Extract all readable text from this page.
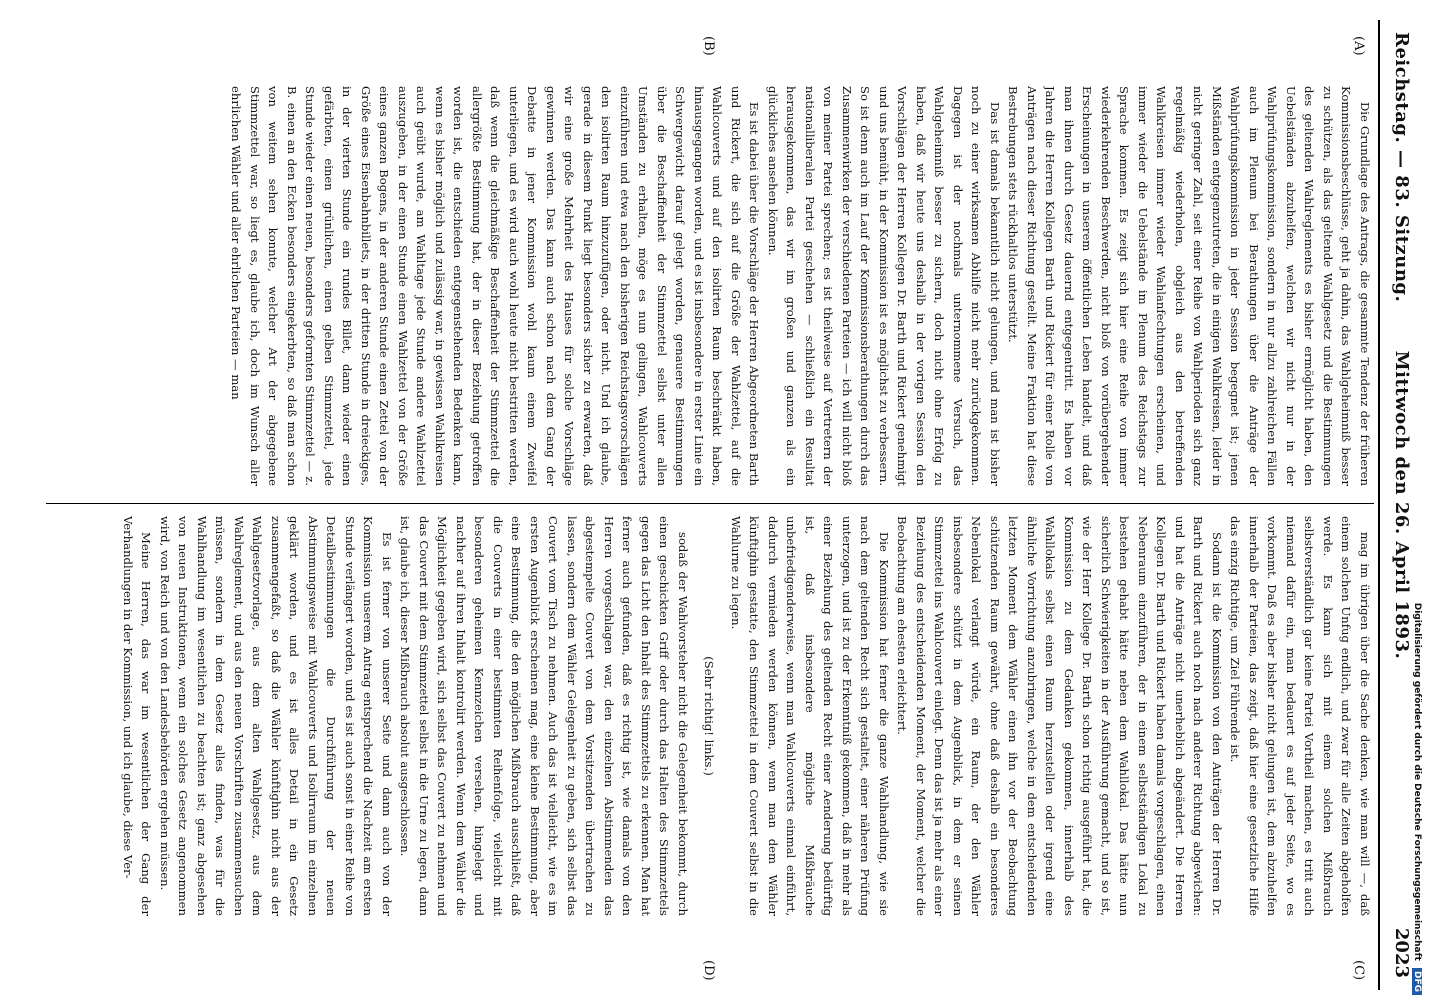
Reichstag. — 83. Sitzung.
Mittwoch den 26. April 1893.
2023
(A)
(B)
(C)
(D)

Die Grundlage des Antrags, die gesammte Tendenz der früheren Kommissionsbeschlüsse, geht ja dahin, das Wahlgeheimniß besser zu schützen, als das geltende Wahlgesetz und die Bestimmungen des geltenden Wahlreglements es bisher ermöglicht haben, den Uebelständen abzuhelfen, welchen wir nicht nur in der Wahlprüfungskommission, sondern in nur allzu zahlreichen Fällen auch im Plenum bei Berathungen über die Anträge der Wahlprüfungskommission in jeder Session begegnet ist; jenen Mißständen entgegenzutreten, die in einigen Wahlkreisen, leider in nicht geringer Zahl, seit einer Reihe von Wahlperioden sich ganz regelmäßig wiederholen, obgleich aus den betreffenden Wahlkreisen immer wieder Wahlanfechtungen erscheinen, und immer wieder die Uebelstände im Plenum des Reichstags zur Sprache kommen. Es zeigt sich hier eine Reihe von immer wiederkehrenden Beschwerden, nicht bloß von vorübergehender Erscheinungen in unserem öffentlichen Leben handelt, und daß man ihnen durch Gesetz dauernd entgegentritt. Es haben vor Jahren die Herren Kollegen Barth und Rickert für einer Rolle von Anträgen nach dieser Richtung gestellt. Meine Fraktion hat diese Bestrebungen stets rückhaltlos unterstützt.

Das ist damals bekanntlich nicht gelungen, und man ist bisher noch zu einer wirksamen Abhilfe nicht mehr zurückgekommen. Dagegen ist der nochmals unternommene Versuch, das Wahlgeheimniß besser zu sichern, doch nicht ohne Erfolg zu haben, daß wir heute uns deshalb in der vorigen Session den Vorschlägen der Herren Kollegen Dr. Barth und Rickert genehmigt und uns bemüht, in der Kommission ist es möglichst zu verbessern. So ist denn auch im Lauf der Kommissionsberathungen durch das Zusammenwirken der verschiedenen Parteien — ich will nicht bloß von meiner Partei sprechen; es ist theilweise auf Vertretern der nationalliberalen Partei geschehen — schließlich ein Resultat herausgekommen, das wir im großen und ganzen als ein glückliches ansehen können.

Es ist dabei über die Vorschläge der Herren Abgeordneten Barth und Rickert, die sich auf die Größe der Wahlzettel, auf die Wahlcouverts und auf den isolirten Raum beschränkt haben, hinausgegangen worden, und es ist insbesondere in erster Linie ein Schwergewicht darauf gelegt worden, genauere Bestimmungen über die Beschaffenheit der Stimmzettel selbst unter allen Umständen zu erhalten, möge es nun gelingen, Wahlcouverts einzuführen und etwa nach den bisherigen Reichstagsvorschlägen den isolirten Raum hinzuzufügen, oder nicht. Und ich glaube, gerade in diesem Punkt liegt besonders sicher zu erwarten, daß wir eine große Mehrheit des Hauses für solche Vorschläge gewinnen werden. Das kann auch schon nach dem Gang der Debatte in jener Kommission wohl kaum einem Zweifel unterliegen, und es wird auch wohl heute nicht bestritten werden, daß wenn die gleichmäßige Beschaffenheit der Stimmzettel die allergrößte Bestimmung hat, der in dieser Beziehung getroffen worden ist, die entschieden entgegenstehenden Bedenken kann, wenn es bisher möglich und zulässig war, in gewissen Wahlkreisen auch geübt wurde, am Wahltage jede Stunde andere Wahlzettel auszugeben, in der einen Stunde einen Wahlzettel von der Größe eines ganzen Bogens, in der anderen Stunde einen Zettel von der Größe eines Eisenbahnbillets, in der dritten Stunde in dreieckiges, in der vierten Stunde ein rundes Billet, dann wieder einen gefärbten, einen grünlichen, einen gelben Stimmzettel, jede Stunde wieder einen neuen, besonders geformten Stimmzettel — z. B. einen an den Ecken besonders eingekerbten, so daß man schon von weitem sehen konnte, welcher Art der abgegebene Stimmzettel war, so liegt es, glaube ich, doch im Wunsch aller ehrlichen Wähler und aller ehrlichen Parteien — man

mag im übrigen über die Sache denken, wie man will —, daß einem solchen Unfug endlich, und zwar für alle Zeiten abgeholfen werde. Es kann sich mit einem solchen Mißbrauch selbstverständlich gar keine Partei Vortheil machen, es tritt auch niemand dafür ein, man bedauert es auf jeder Seite, wo es vorkommt. Daß es aber bisher nicht gelungen ist, dem abzuhelfen innerhalb der Parteien, das zeigt, daß hier eine gesetzliche Hilfe das einzig Richtige, um Ziel Führende ist.

Sodann ist die Kommission von den Anträgen der Herren Dr. Barth und Rickert auch noch nach anderer Richtung abgewichen: und hat die Anträge nicht unerheblich abgeändert. Die Herren Kollegen Dr. Barth und Rickert haben damals vorgeschlagen, einen Nebenraum einzuführen, der in einem selbstständigen Lokal zu bestehen gehabt hätte neben dem Wahllokal. Das hätte nun sicherlich Schwierigkeiten in der Ausführung gemacht, und so ist, wie der Herr Kollege Dr. Barth schon richtig ausgeführt hat, die Kommission zu dem Gedanken gekommen, innerhalb des Wahllokals selbst einen Raum herzustellen oder irgend eine ähnliche Vorrichtung anzubringen, welche in dem entscheidenden letzten Moment dem Wähler einen ihn vor der Beobachtung schützenden Raum gewährt, ohne daß deshalb ein besonderes Nebenlokal verlangt würde, ein Raum, der den Wähler insbesondere schützt in dem Augenblick, in dem er seinen Stimmzettel ins Wahlcouvert einlegt. Denn das ist ja mehr als einer Beziehung des entscheidenden Moment, der Moment, welcher die Beobachtung am ehesten erleichtert.

Die Kommission hat ferner die ganze Wahlhandlung, wie sie nach dem geltenden Recht sich gestaltet, einer näheren Prüfung unterzogen, und ist zu der Erkenntniß gekommen, daß in mehr als einer Beziehung des geltenden Recht einer Aenderung bedürftig ist, daß insbesondere mögliche Mißbräuche unbefriedigenderweise, wenn man Wahlcouverts einmal einführt, dadurch vermieden werden können, wenn man dem Wähler künftighin gestatte, den Stimmzettel in dem Couvert selbst in die Wahlurne zu legen.

(Sehr richtig! links.)

sodaß der Wahlvorsteher nicht die Gelegenheit bekommt, durch einen geschickten Griff oder durch das Halten des Stimmzettels gegen das Licht den Inhalt des Stimmzettels zu erkennen. Man hat ferner auch gefunden, daß es richtig ist, wie damals von den Herren vorgeschlagen war, den einzelnen Abstimmenden das abgestempelte Couvert von dem Vorsitzenden übertrachen zu lassen, sondern dem Wähler Gelegenheit zu geben, sich selbst das Couvert vom Tisch zu nehmen. Auch das ist vielleicht, wie es im ersten Augenblick erscheinen mag, eine kleine Bestimmung, aber eine Bestimmung, die den möglichen Mißbrauch ausschließt, daß die Couverts in einer bestimmten Reihenfolge, vielleicht mit besonderen geheimen Kennzeichen versehen, hingelegt und nachher auf ihren Inhalt kontrolirt werden. Wenn dem Wähler die Möglichkeit gegeben wird, sich selbst das Couvert zu nehmen und das Couvert mit dem Stimmzettel selbst in die Urne zu legen, dann ist, glaube ich, dieser Mißbrauch absolut ausgeschlossen.

Es ist ferner von unserer Seite und dann auch von der Kommission unserem Antrag entsprechend die Nachzeit am ersten Stunde verlängert worden, und es ist auch sonst in einer Reihe von Detailbestimmungen die Durchführung der neuen Abstimmungsweise mit Wahlcouverts und Isolirraum im einzelnen geklärt worden, und es ist alles Detail in ein Gesetz zusammengefaßt, so daß die Wähler künftighin nicht aus der Wahlgesetzvorlage, aus dem alten Wahlgesetz, aus dem Wahlreglement, und aus den neuen Vorschriften zusammensuchen müssen, sondern in dem Gesetz alles finden, was für die Wahlhandlung im wesentlichen zu beachten ist; ganz abgesehen von neuen Instruktionen, wenn ein solches Gesetz angenommen wird, von Reich und von den Landesbehörden ergehen müssen.

Meine Herren, das war im wesentlichen der Gang der Verhandlungen in der Kommission, und ich glaube, diese Ver-	Digitalisierung gefördert durch die Deutsche Forschungsgemeinschaft DFG
